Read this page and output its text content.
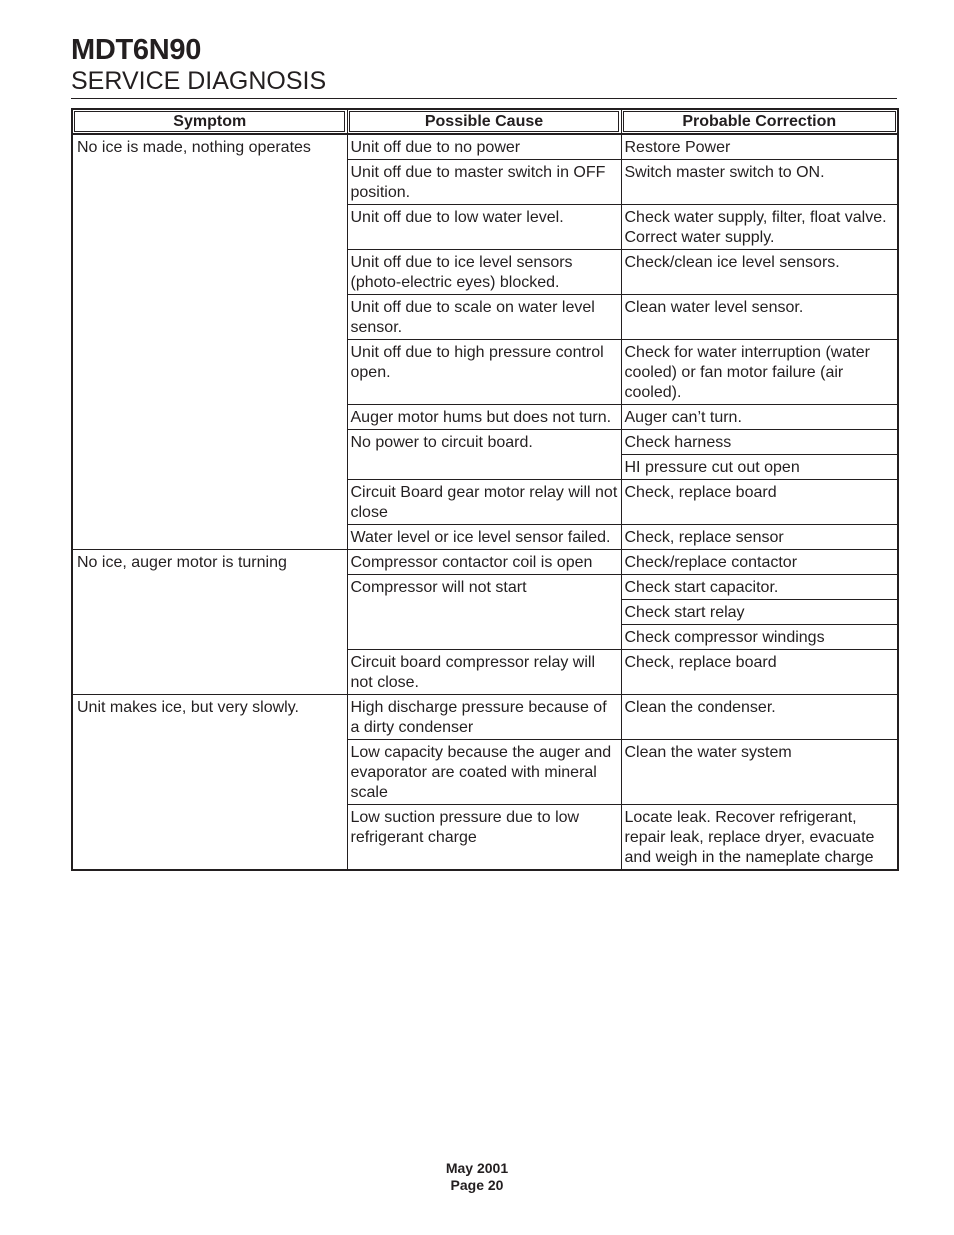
MDT6N90
SERVICE DIAGNOSIS
Symptom	Possible Cause	Probable Correction
No ice is made, nothing operates	Unit off due to no power	Restore Power
	Unit off due to master switch in OFF position.	Switch master switch to ON.
	Unit off due to low water level.	Check water supply, filter, float valve. Correct water supply.
	Unit off due to ice level sensors (photo-electric eyes) blocked.	Check/clean ice level sensors.
	Unit off due to scale on water level sensor.	Clean water level sensor.
	Unit off due to high pressure control open.	Check for water interruption (water cooled) or fan motor failure (air cooled).
	Auger motor hums but does not turn.	Auger can’t turn.
	No power to circuit board.	Check harness
		HI pressure cut out open
	Circuit Board gear motor relay will not close	Check, replace board
	Water level or ice level sensor failed.	Check, replace sensor
No ice, auger motor is turning	Compressor contactor coil is open	Check/replace contactor
	Compressor will not start	Check start capacitor.
		Check start relay
		Check compressor windings
	Circuit board compressor relay will not close.	Check, replace board
Unit makes ice, but very slowly.	High discharge pressure because of a dirty condenser	Clean the condenser.
	Low capacity because the auger and evaporator are coated with mineral scale	Clean the water system
	Low suction pressure due to low refrigerant charge	Locate leak. Recover refrigerant, repair leak, replace dryer, evacuate and weigh in the nameplate charge
May 2001
Page 20
